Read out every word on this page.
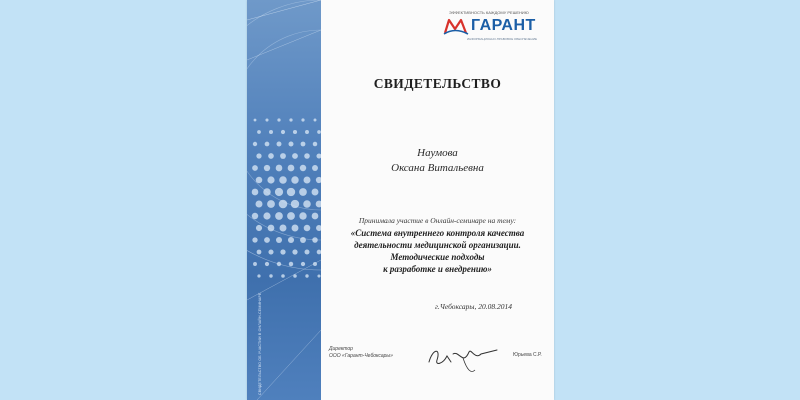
СВИДЕТЕЛЬСТВО ОБ УЧАСТИИ В ОНЛАЙН-СЕМИНАРЕ
ЭФФЕКТИВНОСТЬ КАЖДОМУ РЕШЕНИЮ
ГАРАНТ
ИНФОРМАЦИОННО-ПРАВОВОЕ ОБЕСПЕЧЕНИЕ
СВИДЕТЕЛЬСТВО
Наумова
Оксана Витальевна
Принимала участие в Онлайн-семинаре на тему:
«Система внутреннего контроля качества
деятельности медицинской организации.
Методические подходы
к разработке и внедрению»
г.Чебоксары, 20.08.2014
Директор
ООО «Гарант-Чебоксары»	Юрьева С.Р.
